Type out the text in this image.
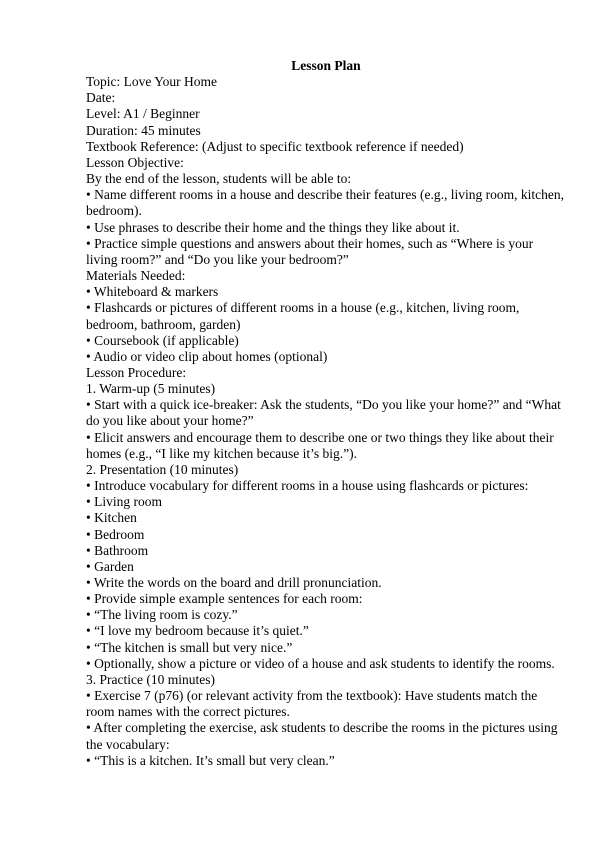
Lesson Plan

Topic: Love Your Home

Date:

Level: A1 / Beginner

Duration: 45 minutes

Textbook Reference: (Adjust to specific textbook reference if needed)

Lesson Objective:

By the end of the lesson, students will be able to:

• Name different rooms in a house and describe their features (e.g., living room, kitchen, bedroom).

• Use phrases to describe their home and the things they like about it.

• Practice simple questions and answers about their homes, such as “Where is your living room?” and “Do you like your bedroom?”

Materials Needed:

• Whiteboard & markers

• Flashcards or pictures of different rooms in a house (e.g., kitchen, living room, bedroom, bathroom, garden)

• Coursebook (if applicable)

• Audio or video clip about homes (optional)

Lesson Procedure:

1. Warm-up (5 minutes)

• Start with a quick ice-breaker: Ask the students, “Do you like your home?” and “What do you like about your home?”

• Elicit answers and encourage them to describe one or two things they like about their homes (e.g., “I like my kitchen because it’s big.”).

2. Presentation (10 minutes)

• Introduce vocabulary for different rooms in a house using flashcards or pictures:

• Living room

• Kitchen

• Bedroom

• Bathroom

• Garden

• Write the words on the board and drill pronunciation.

• Provide simple example sentences for each room:

• “The living room is cozy.”

• “I love my bedroom because it’s quiet.”

• “The kitchen is small but very nice.”

• Optionally, show a picture or video of a house and ask students to identify the rooms.

3. Practice (10 minutes)

• Exercise 7 (p76) (or relevant activity from the textbook): Have students match the room names with the correct pictures.

• After completing the exercise, ask students to describe the rooms in the pictures using the vocabulary:

• “This is a kitchen. It’s small but very clean.”
